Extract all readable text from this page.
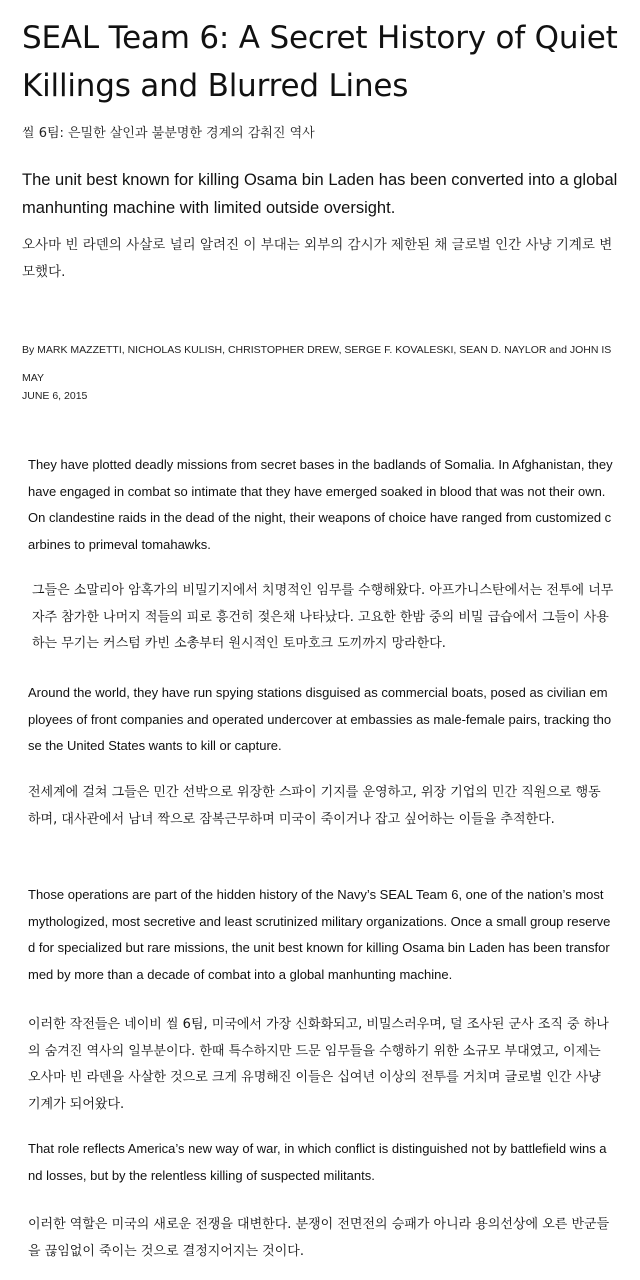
SEAL Team 6: A Secret History of Quiet Killings and Blurred Lines

씰 6팀: 은밀한 살인과 불분명한 경계의 감춰진 역사

The unit best known for killing Osama bin Laden has been converted into a global manhunting machine with limited outside oversight.

오사마 빈 라덴의 사살로 널리 알려진 이 부대는 외부의 감시가 제한된 채 글로벌 인간 사냥 기계로 변모했다.

By MARK MAZZETTI, NICHOLAS KULISH, CHRISTOPHER DREW, SERGE F. KOVALESKI, SEAN D. NAYLOR and JOHN ISMAY

JUNE 6, 2015

They have plotted deadly missions from secret bases in the badlands of Somalia. In Afghanistan, they have engaged in combat so intimate that they have emerged soaked in blood that was not their own. On clandestine raids in the dead of the night, their weapons of choice have ranged from customized carbines to primeval tomahawks.

그들은 소말리아 암혹가의 비밀기지에서 치명적인 임무를 수행해왔다. 아프가니스탄에서는 전투에 너무 자주 참가한 나머지 적들의 피로 흥건히 젖은채 나타났다. 고요한 한밤 중의 비밀 급습에서 그들이 사용하는 무기는 커스텀 카빈 소총부터 원시적인 토마호크 도끼까지 망라한다.

Around the world, they have run spying stations disguised as commercial boats, posed as civilian employees of front companies and operated undercover at embassies as male-female pairs, tracking those the United States wants to kill or capture.

전세계에 걸쳐 그들은 민간 선박으로 위장한 스파이 기지를 운영하고, 위장 기업의 민간 직원으로 행동하며, 대사관에서 남녀 짝으로 잠복근무하며 미국이 죽이거나 잡고 싶어하는 이들을 추적한다.

Those operations are part of the hidden history of the Navy’s SEAL Team 6, one of the nation’s most mythologized, most secretive and least scrutinized military organizations. Once a small group reserved for specialized but rare missions, the unit best known for killing Osama bin Laden has been transformed by more than a decade of combat into a global manhunting machine.

이러한 작전들은 네이비 씰 6팀, 미국에서 가장 신화화되고, 비밀스러우며, 덜 조사된 군사 조직 중 하나의 숨겨진 역사의 일부분이다. 한때 특수하지만 드문 임무들을 수행하기 위한 소규모 부대였고, 이제는 오사마 빈 라덴을 사살한 것으로 크게 유명해진 이들은 십여년 이상의 전투를 거치며 글로벌 인간 사냥 기계가 되어왔다.

That role reflects America’s new way of war, in which conflict is distinguished not by battlefield wins and losses, but by the relentless killing of suspected militants.

이러한 역할은 미국의 새로운 전쟁을 대변한다. 분쟁이 전면전의 승패가 아니라 용의선상에 오른 반군들을 끊임없이 죽이는 것으로 결정지어지는 것이다.
